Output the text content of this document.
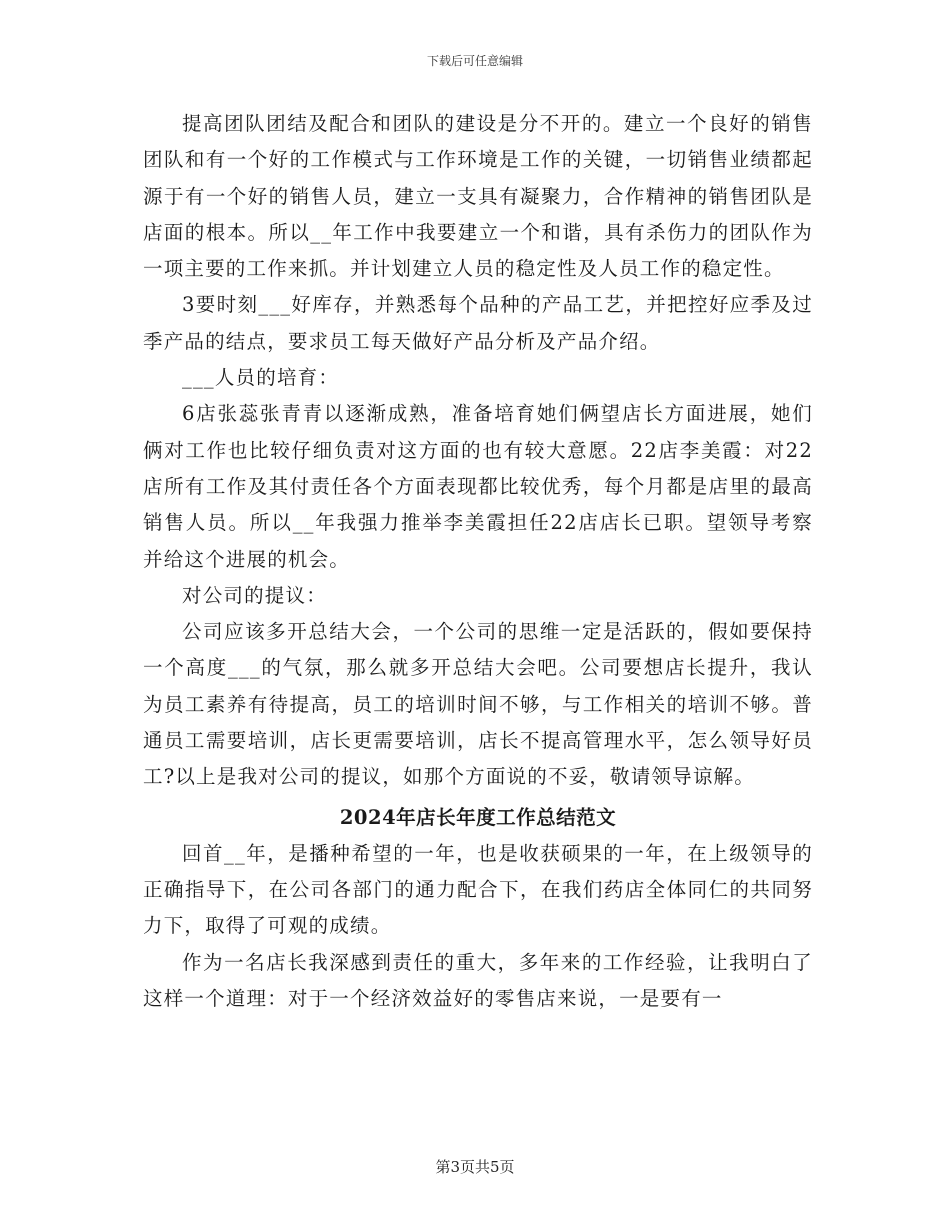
下载后可任意编辑

提高团队团结及配合和团队的建设是分不开的。建立一个良好的销售团队和有一个好的工作模式与工作环境是工作的关键，一切销售业绩都起源于有一个好的销售人员，建立一支具有凝聚力，合作精神的销售团队是店面的根本。所以__年工作中我要建立一个和谐，具有杀伤力的团队作为一项主要的工作来抓。并计划建立人员的稳定性及人员工作的稳定性。

3要时刻___好库存，并熟悉每个品种的产品工艺，并把控好应季及过季产品的结点，要求员工每天做好产品分析及产品介绍。

___人员的培育：

6店张蕊张青青以逐渐成熟，准备培育她们俩望店长方面进展，她们俩对工作也比较仔细负责对这方面的也有较大意愿。22店李美霞：对22店所有工作及其付责任各个方面表现都比较优秀，每个月都是店里的最高销售人员。所以__年我强力推举李美霞担任22店店长已职。望领导考察并给这个进展的机会。

对公司的提议：

公司应该多开总结大会，一个公司的思维一定是活跃的，假如要保持一个高度___的气氛，那么就多开总结大会吧。公司要想店长提升，我认为员工素养有待提高，员工的培训时间不够，与工作相关的培训不够。普通员工需要培训，店长更需要培训，店长不提高管理水平，怎么领导好员工?以上是我对公司的提议，如那个方面说的不妥，敬请领导谅解。

2024年店长年度工作总结范文

回首__年，是播种希望的一年，也是收获硕果的一年，在上级领导的正确指导下，在公司各部门的通力配合下，在我们药店全体同仁的共同努力下，取得了可观的成绩。

作为一名店长我深感到责任的重大，多年来的工作经验，让我明白了这样一个道理：对于一个经济效益好的零售店来说，一是要有一

第3页共5页
